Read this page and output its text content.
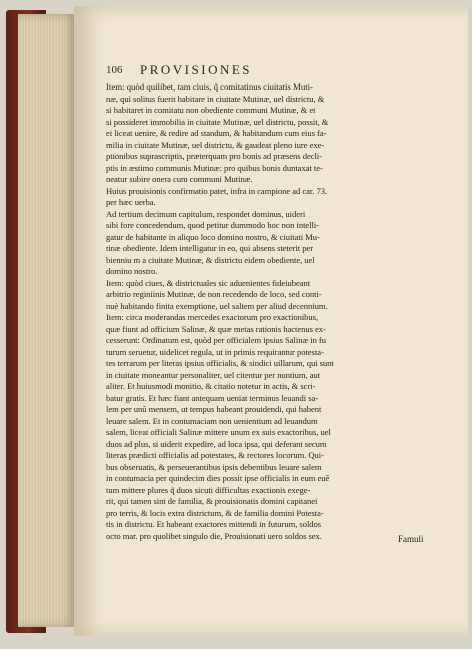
106 PROVISIONES
Item: quòd quilibet, tam ciuis, q̃ comitatinus ciuitatis Muti-
næ, qui solitus fuerit habitare in ciuitate Mutinæ, uel districtu, &
si habitaret in comitatu non obediente communi Mutinæ, & et
si possideret immobilia in ciuitate Mutinæ, uel districtu, possit, &
ei liceat uenire, & redire ad standum, & habitandum cum eius fa-
milia in ciuitate Mutinæ, uel districtu, & gaudeat pleno iure exe-
ptionibus suprascriptis, præterquam pro bonis ad præsens decli-
ptis in æstimo communis Mutinæ: pro quibus bonis duntaxat te-
neatur subire onera cum communi Mutinæ.
Huius prouisionis confirmatio patet, infra in campione ad car. 73.
per hæc uerba.
Ad tertium decimum capitulum, respondet dominus, uideri
sibi fore concedendum, quod petitur dummodo hoc non intelli-
gatur de habitante in aliquo loco domino nostro, & ciuitati Mu-
tinæ obediente. Idem intelligatur in eo, qui absens steterit per
bienniu m a ciuitate Mutinæ, & districtu eidem obediente, uel
domino nostro.
Item: quòd ciues, & districtuales sic aduenientes fideiubeant
arbitrio reginiinis Mutinæ, de non recedendo de loco, sed conti-
nuè habitando finita exemptione, uel saltem per aliud decennium.
Item: circa moderandas mercedes exactorum pro exactionibus,
quæ fiunt ad officium Salinæ, & quæ metas rationis hactenus ex-
cesserunt: Ordinatum est, quòd per officialem ipsius Salinæ in fu
turum seruetur, uidelicet regula, ut in primis requirantur potesta-
tes terrarum per literas ipsius officialis, & sindici uillarum, qui sunt
in ciuitate moneantur personaliter, uel citentur per nuntium, aut
aliter. Et huiusmodi monitio, & citatio notetur in actis, & scri-
batur gratis. Et hæc fiant antequam ueniat terminus leuandi sa-
lem per unū mensem, ut tempus habeant prouidendi, qui habent
leuare salem. Et in contumaciam non uenientium ad leuandum
salem, liceat officiali Salinæ mittere unum ex suis exactoribus, uel
duos ad plus, si uiderit expedire, ad loca ipsa, qui deferant secum
literas prædicti officialis ad potestates, & rectores locorum. Qui-
bus obseruatis, & perseuerantibus ipsis debentibus leuare salem
in contumacia per quindecim dies possit ipse officialis in eum euē
tum mittere plures q̃ duos sicuti difficultas exactionis exege-
rit, qui tamen sint de familia, & prouisionatis domini capitanei
pro terris, & locis extra districtum, & de familia domini Potesta-
tis in districtu. Et habeant exactores mittendi in futurum, soldos
octo mar. pro quolibet singulo die, Prouisionati uero soldos sex.	Famuli
